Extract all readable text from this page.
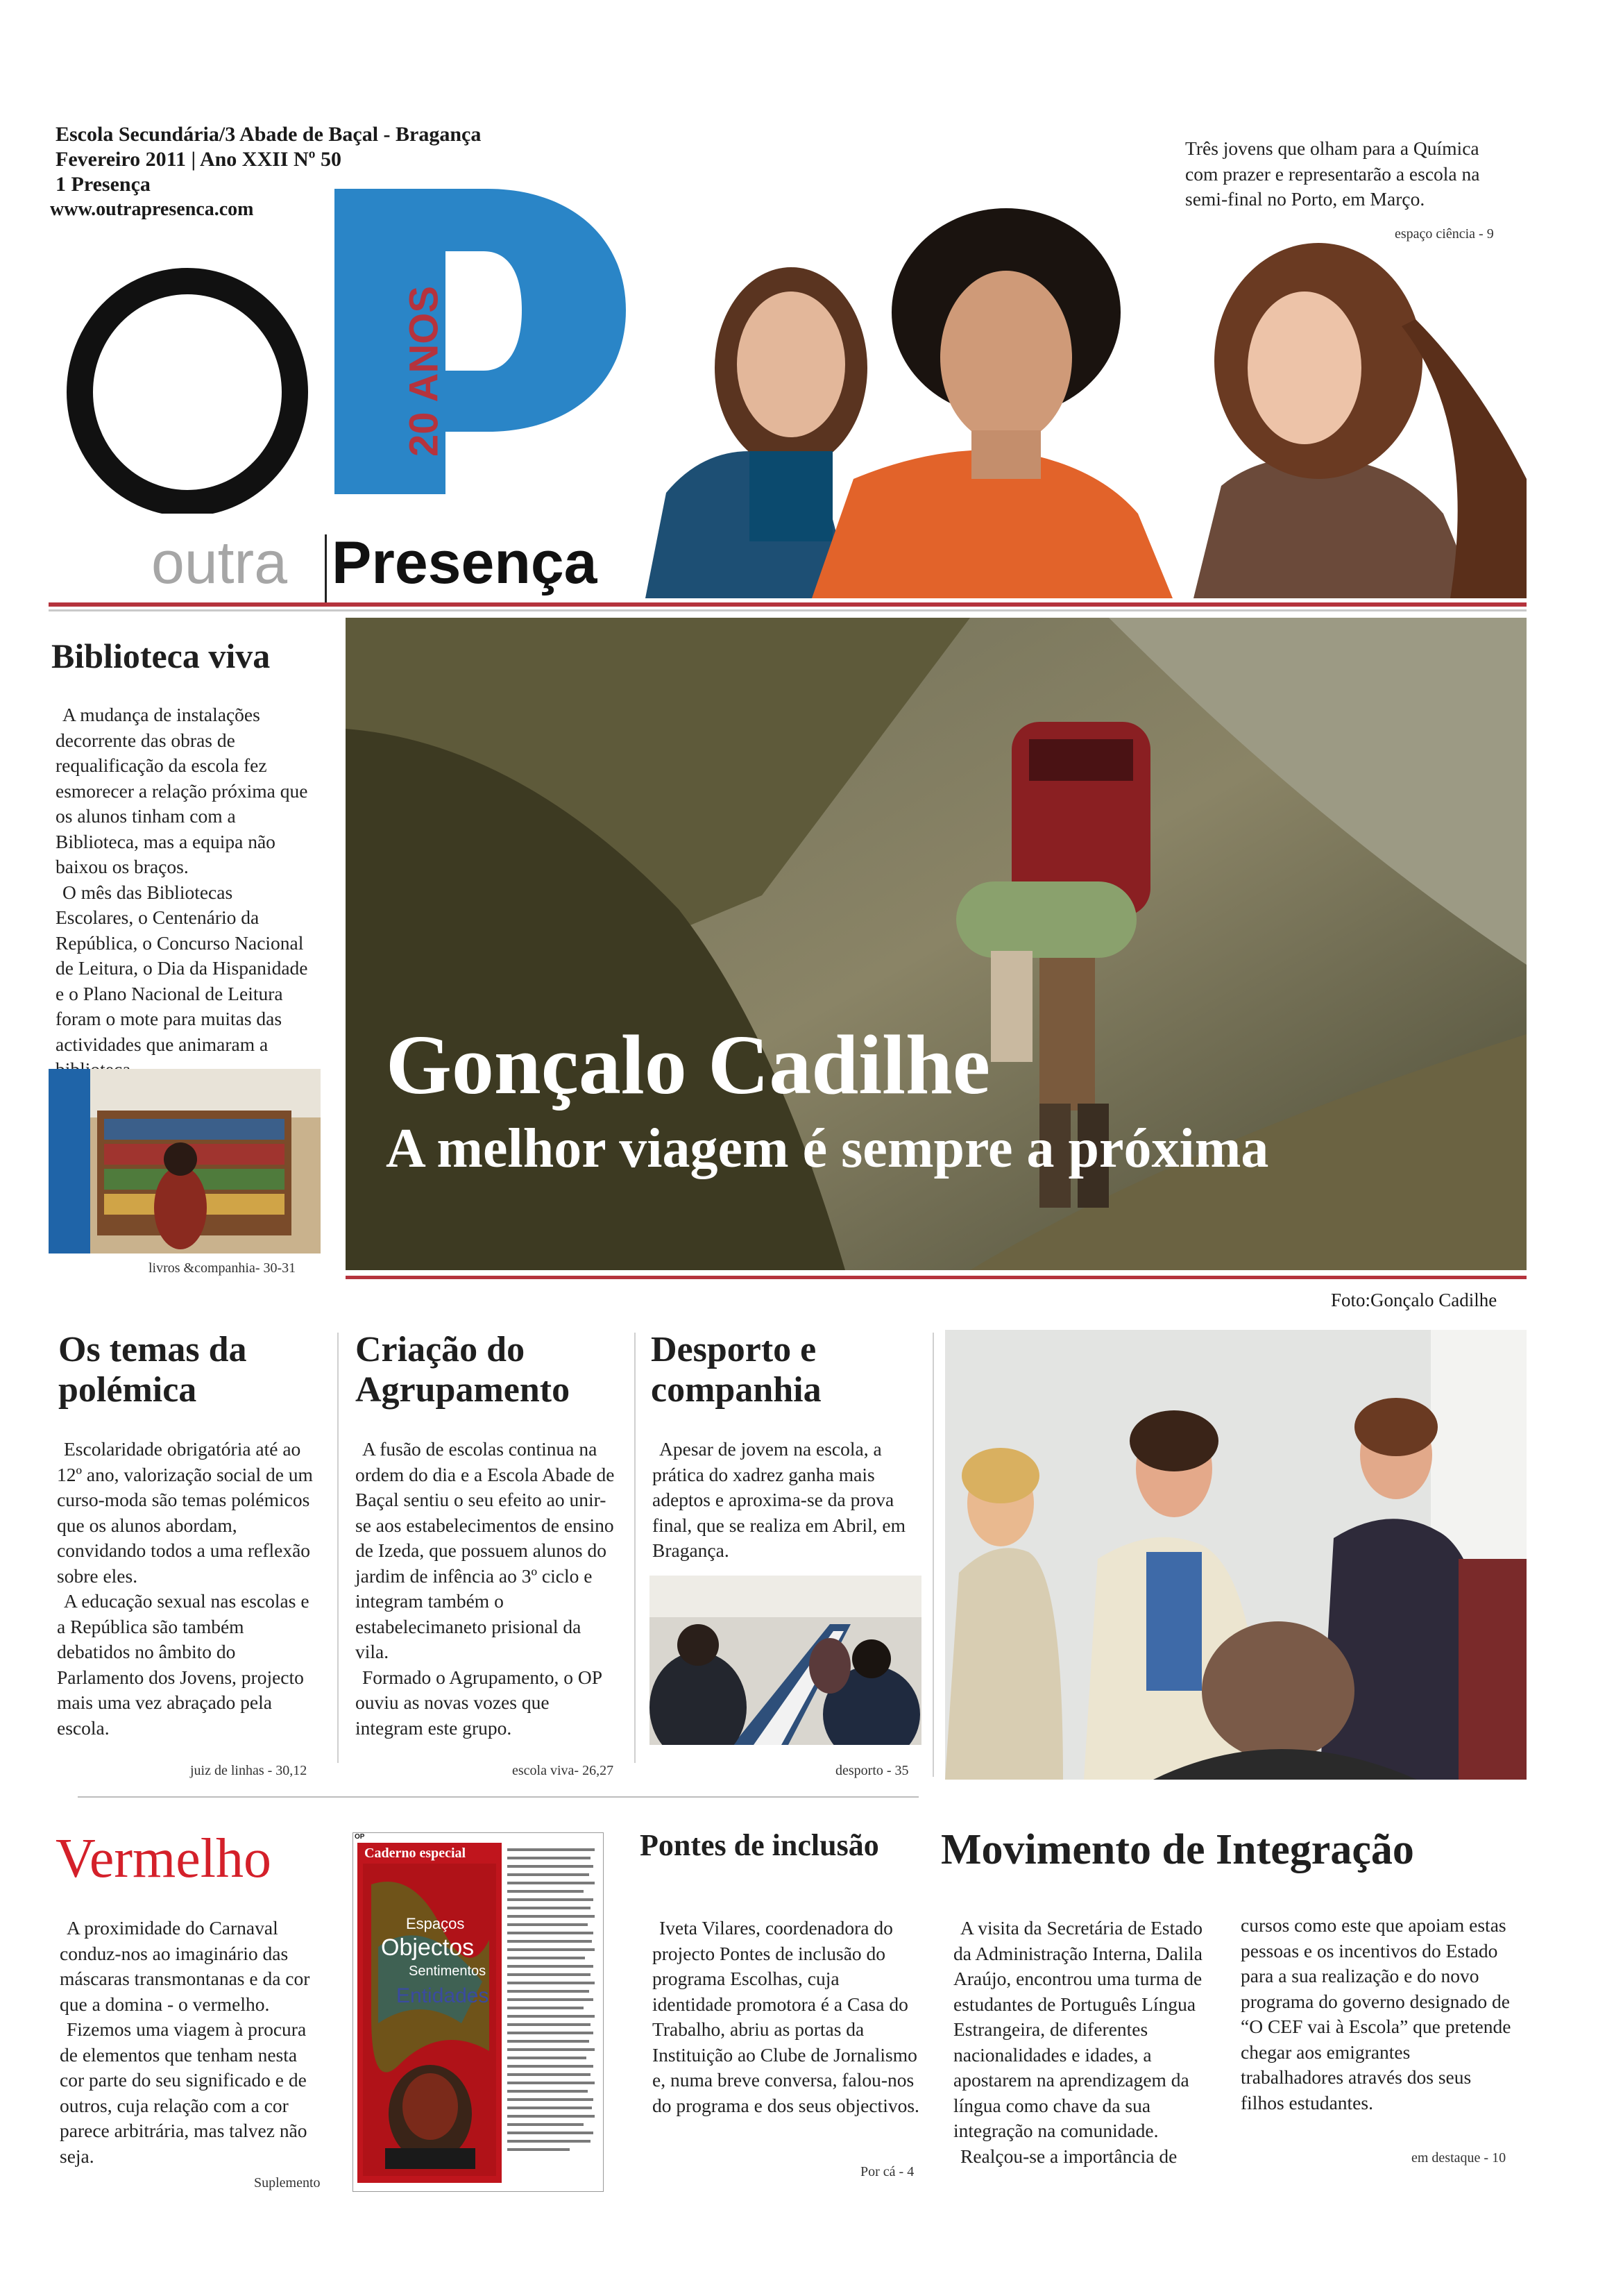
Escola Secundária/3 Abade de Baçal - Bragança
Fevereiro 2011 | Ano XXII Nº 50
1 Presença
www.outrapresenca.com
20 ANOS
outra Presença
Três jovens que olham para a Química com prazer e representarão a escola na semi-final no Porto, em Março.
espaço ciência - 9
Biblioteca viva
A mudança de instalações decorrente das obras de requalificação da escola fez esmorecer a relação próxima que os alunos tinham com a Biblioteca, mas a equipa não baixou os braços.
O mês das Bibliotecas Escolares, o Centenário da República, o Concurso Nacional de Leitura, o Dia da Hispanidade e o Plano Nacional de Leitura foram o mote para muitas das actividades que animaram a
livros &companhia- 30-31
Gonçalo Cadilhe
A melhor viagem é sempre a próxima
Foto:Gonçalo Cadilhe
Os temas da polémica
Escolaridade obrigatória até ao 12º ano, valorização social de um curso-moda são temas polémicos que os alunos abordam, convidando todos a uma reflexão sobre eles.
A educação sexual nas escolas e a República são também debatidos no âmbito do Parlamento dos Jovens, projecto mais uma vez abraçado pela escola.
juiz de linhas - 30,12
Criação do Agrupamento
A fusão de escolas continua na ordem do dia e a Escola Abade de Baçal sentiu o seu efeito ao unir-se aos estabelecimentos de ensino de Izeda, que possuem alunos do jardim de infência ao 3º ciclo e integram também o estabelecimaneto prisional da vila.
Formado o Agrupamento, o OP ouviu as novas vozes que integram este grupo.
escola viva- 26,27
Desporto e companhia
Apesar de jovem na escola, a prática do xadrez ganha mais adeptos e aproxima-se da prova final, que se realiza em Abril, em Bragança.
desporto - 35
Vermelho
A proximidade do Carnaval conduz-nos ao imaginário das máscaras transmontanas e da cor que a domina - o vermelho.
Fizemos uma viagem à procura de elementos que tenham nesta cor parte do seu significado e de outros, cuja relação com a cor parece arbitrária, mas talvez não seja.
Suplemento
OP
Caderno especial
Espaços
Objectos
Sentimentos
Entidades
Pontes de inclusão
Iveta Vilares, coordenadora do projecto Pontes de inclusão do programa Escolhas, cuja identidade promotora é a Casa do Trabalho, abriu as portas da Instituição ao Clube de Jornalismo e, numa breve conversa, falou-nos do programa e dos seus objectivos.
Por cá - 4
Movimento de Integração
A visita da Secretária de Estado da Administração Interna, Dalila Araújo, encontrou uma turma de estudantes de Português Língua Estrangeira, de diferentes nacionalidades e idades, a apostarem na aprendizagem da língua como chave da sua integração na comunidade.
Realçou-se a importância de
cursos como este que apoiam estas pessoas e os incentivos do Estado para a sua realização e do novo programa do governo designado de “O CEF vai à Escola” que pretende chegar aos emigrantes trabalhadores através dos seus filhos estudantes.
em destaque - 10
